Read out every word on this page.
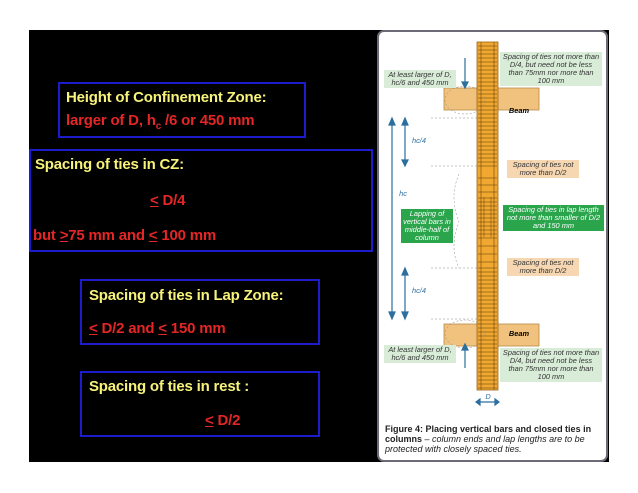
Height of Confinement Zone:
larger of D, $h_c$ /6 or 450 mm
Spacing of ties in CZ:
< D/4
but >75 mm and < 100 mm
Spacing of ties in Lap Zone:
< D/2 and < 150 mm
Spacing of ties in rest :
< D/2
At least larger of D, hc/6 and 450 mm
Spacing of ties not more than D/4, but need not be less than 75mm nor more than 100 mm
Beam
hc/4
hc
Spacing of ties not more than D/2
Lapping of vertical bars in middle-half of column
Spacing of ties in lap length not more than smaller of D/2 and 150 mm
Spacing of ties not more than D/2
hc/4
Beam
At least larger of D, hc/6 and 450 mm
Spacing of ties not more than D/4, but need not be less than 75mm nor more than 100 mm
D
Figure 4: Placing vertical bars and closed ties in columns – column ends and lap lengths are to be protected with closely spaced ties.
